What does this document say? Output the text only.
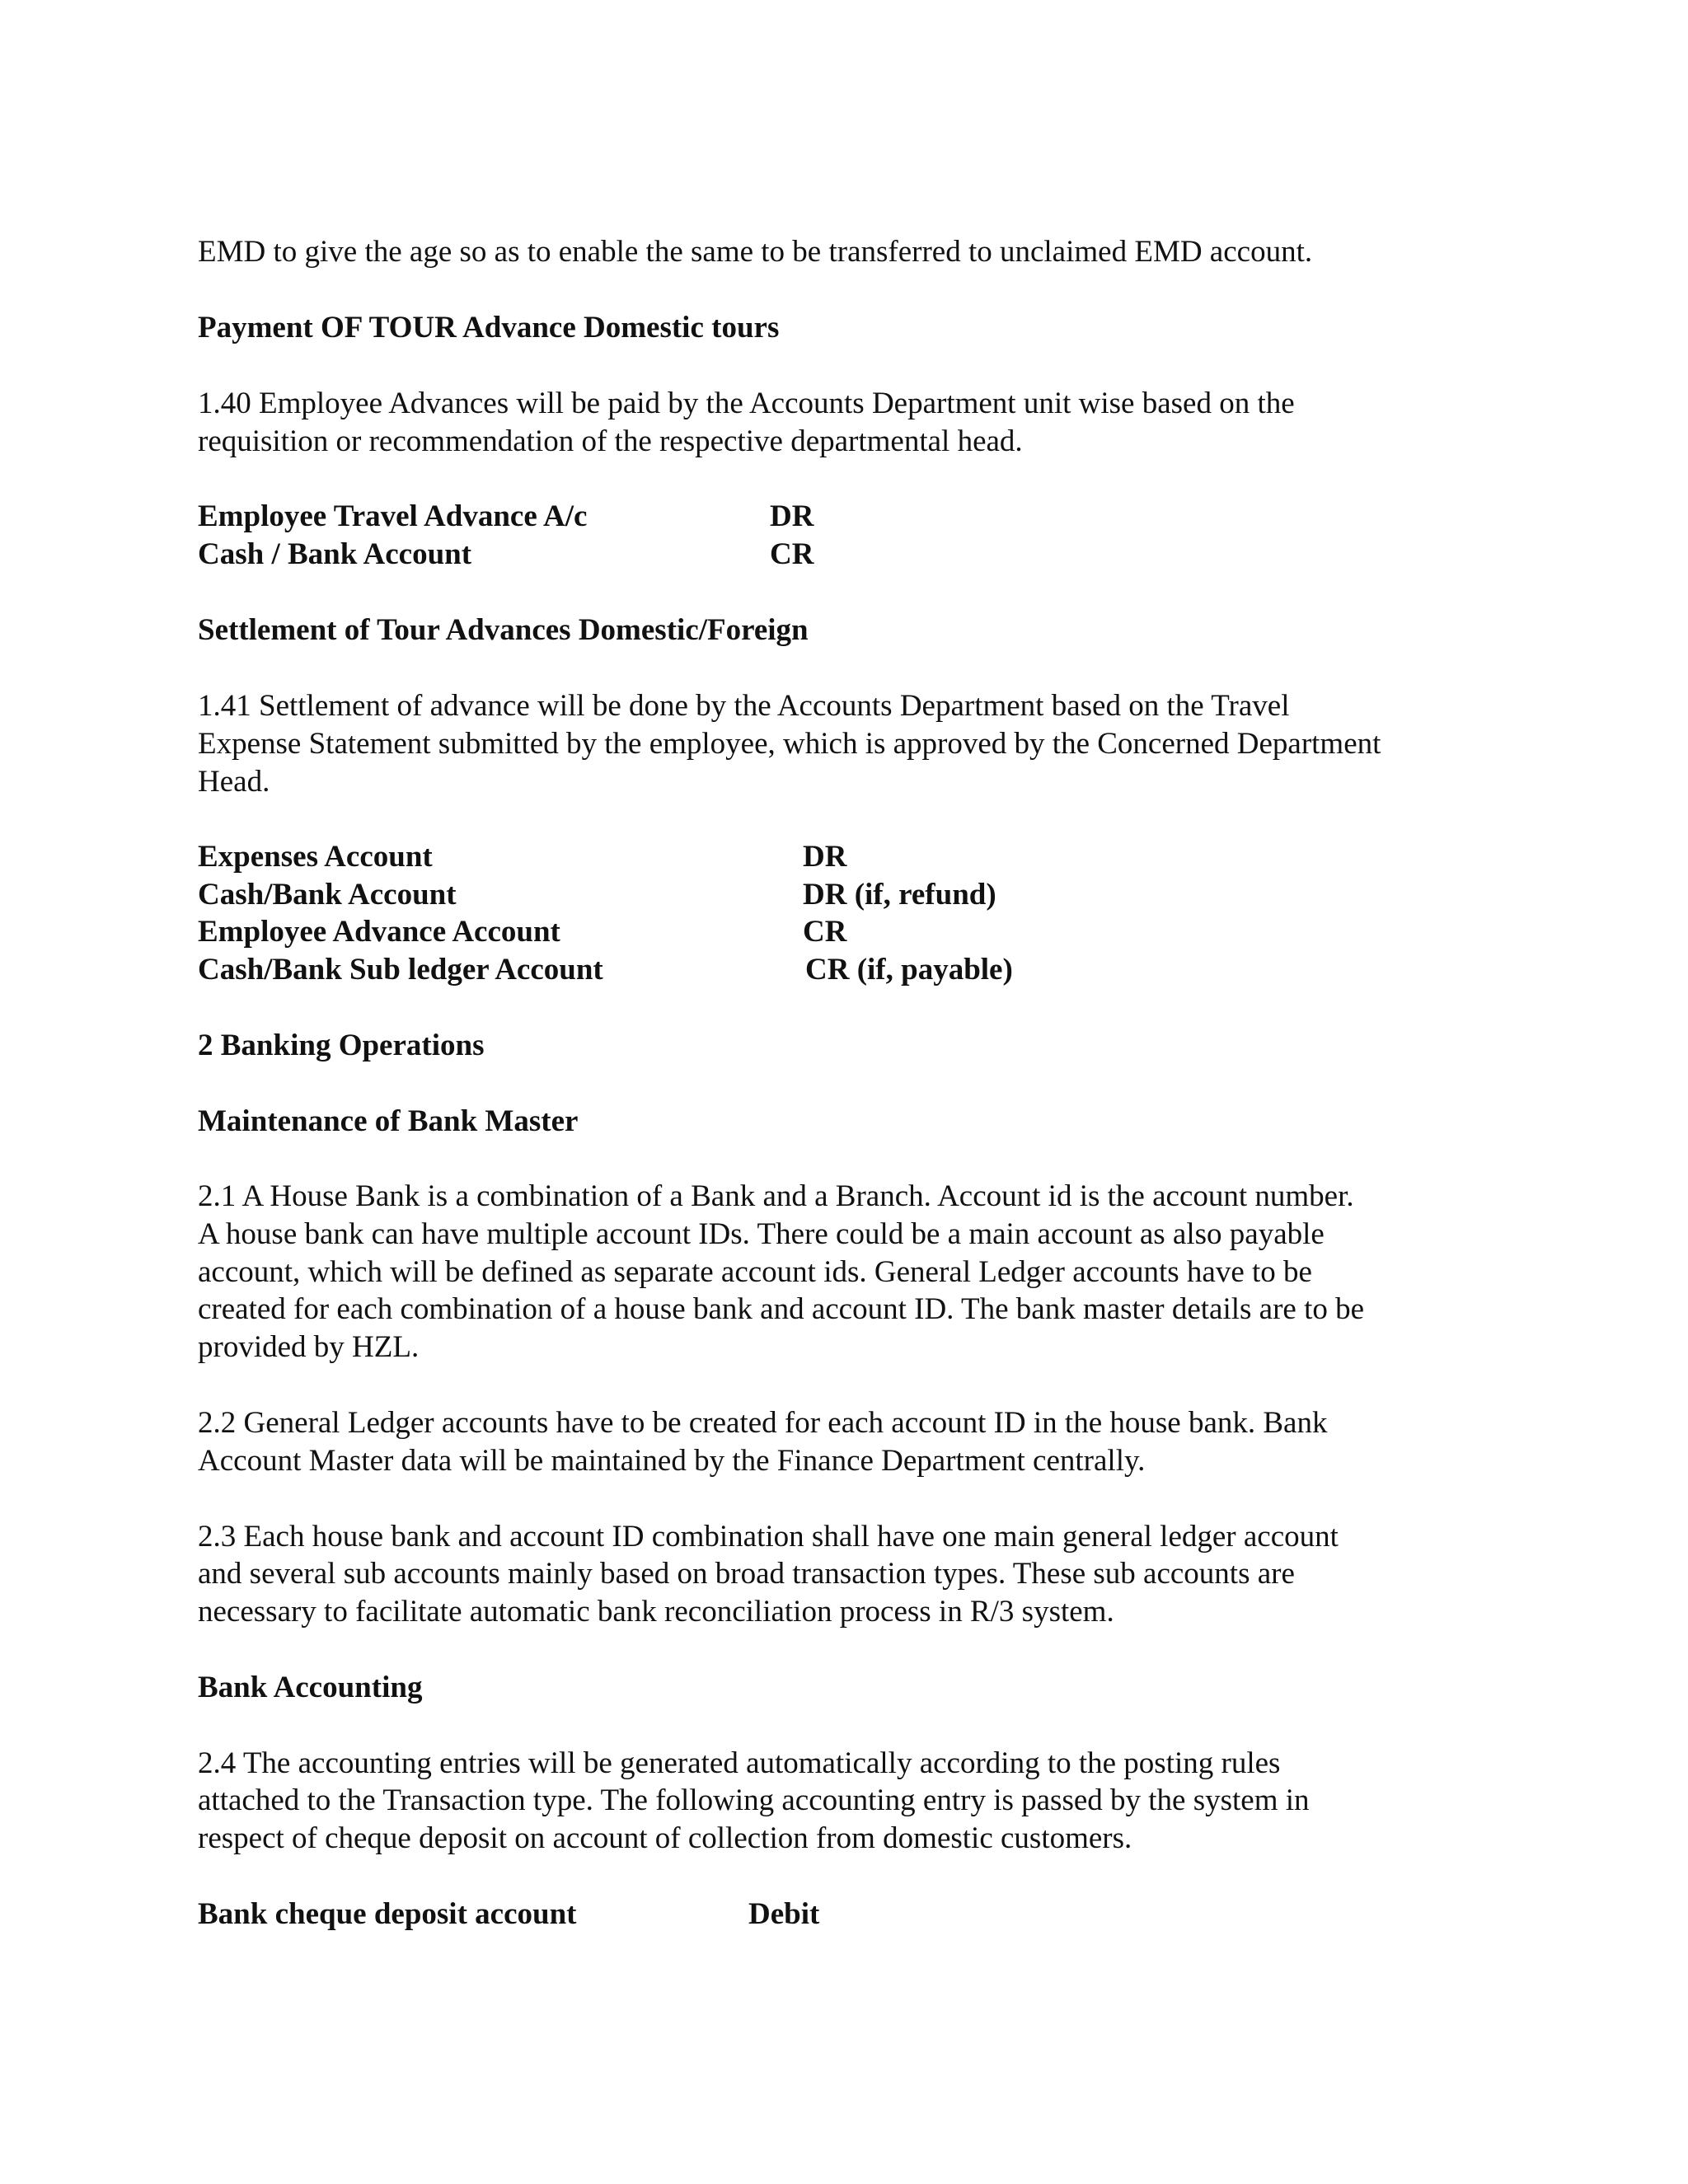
EMD to give the age so as to enable the same to be transferred to unclaimed EMD account.
Payment OF TOUR Advance Domestic tours
1.40 Employee Advances will be paid by the Accounts Department unit wise based on the
requisition or recommendation of the respective departmental head.
Employee Travel Advance A/c	DR
Cash / Bank Account	CR
Settlement of Tour Advances Domestic/Foreign
1.41 Settlement of advance will be done by the Accounts Department based on the Travel
Expense Statement submitted by the employee, which is approved by the Concerned Department
Head.
Expenses Account	DR
Cash/Bank Account	DR (if, refund)
Employee Advance Account	CR
Cash/Bank Sub ledger Account	CR (if, payable)
2 Banking Operations
Maintenance of Bank Master
2.1 A House Bank is a combination of a Bank and a Branch. Account id is the account number.
A house bank can have multiple account IDs. There could be a main account as also payable
account, which will be defined as separate account ids. General Ledger accounts have to be
created for each combination of a house bank and account ID. The bank master details are to be
provided by HZL.
2.2 General Ledger accounts have to be created for each account ID in the house bank. Bank
Account Master data will be maintained by the Finance Department centrally.
2.3 Each house bank and account ID combination shall have one main general ledger account
and several sub accounts mainly based on broad transaction types. These sub accounts are
necessary to facilitate automatic bank reconciliation process in R/3 system.
Bank Accounting
2.4 The accounting entries will be generated automatically according to the posting rules
attached to the Transaction type. The following accounting entry is passed by the system in
respect of cheque deposit on account of collection from domestic customers.
Bank cheque deposit account	Debit
